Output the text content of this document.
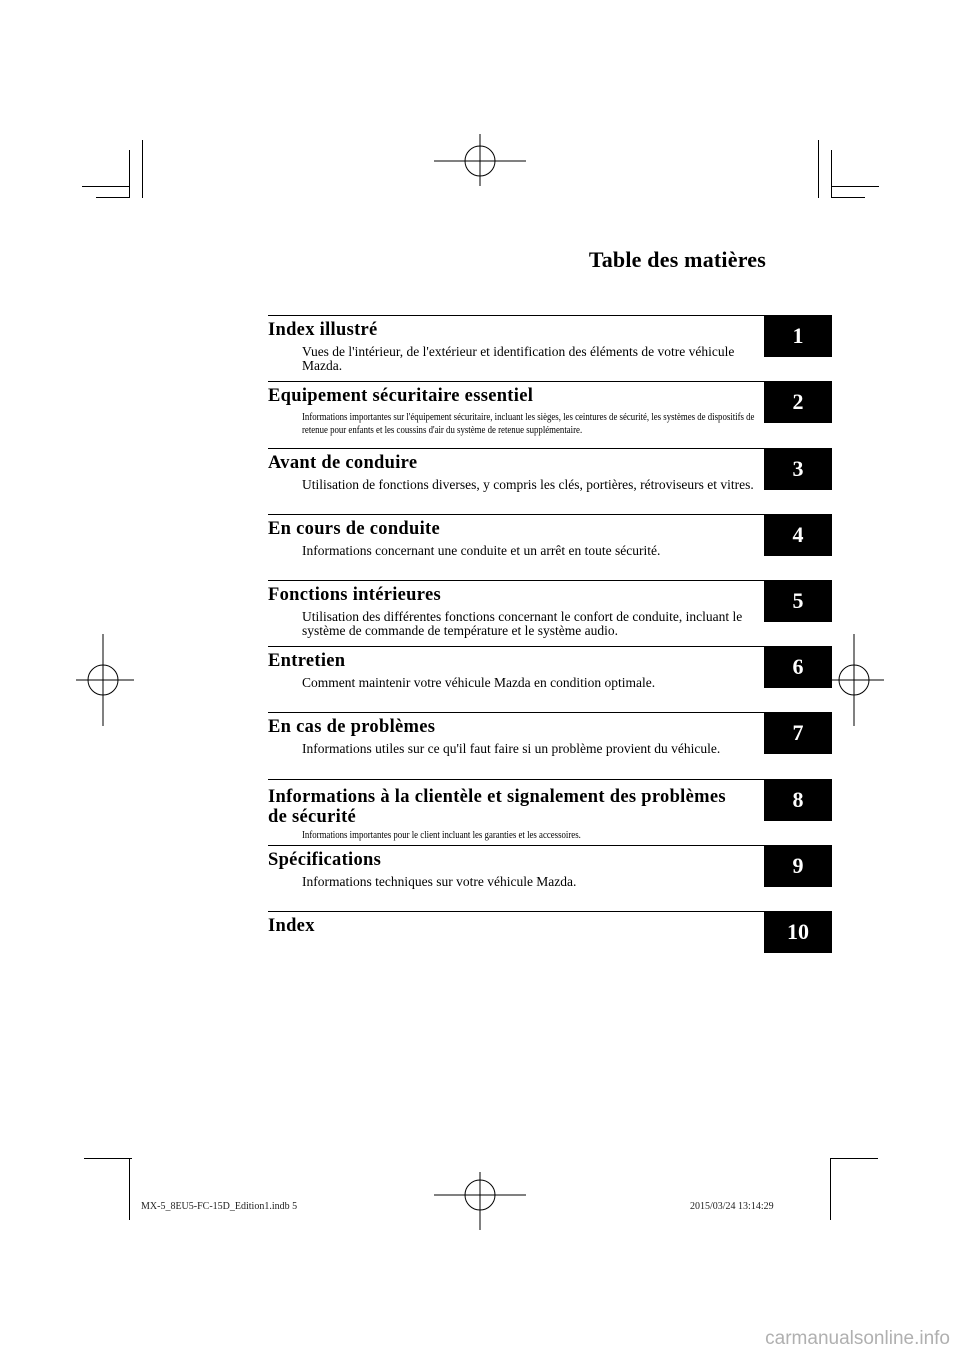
Table des matières
Index illustré
Vues de l'intérieur, de l'extérieur et identification des éléments de votre véhicule Mazda.
1
Equipement sécuritaire essentiel
Informations importantes sur l'équipement sécuritaire, incluant les sièges, les ceintures de sécurité, les systèmes de dispositifs de retenue pour enfants et les coussins d'air du système de retenue supplémentaire.
2
Avant de conduire
Utilisation de fonctions diverses, y compris les clés, portières, rétroviseurs et vitres.
3
En cours de conduite
Informations concernant une conduite et un arrêt en toute sécurité.
4
Fonctions intérieures
Utilisation des différentes fonctions concernant le confort de conduite, incluant le système de commande de température et le système audio.
5
Entretien
Comment maintenir votre véhicule Mazda en condition optimale.
6
En cas de problèmes
Informations utiles sur ce qu'il faut faire si un problème provient du véhicule.
7
Informations à la clientèle et signalement des problèmes de sécurité
Informations importantes pour le client incluant les garanties et les accessoires.
8
Spécifications
Informations techniques sur votre véhicule Mazda.
9
Index	10
MX-5_8EU5-FC-15D_Edition1.indb 5	2015/03/24 13:14:29
carmanualsonline.info
